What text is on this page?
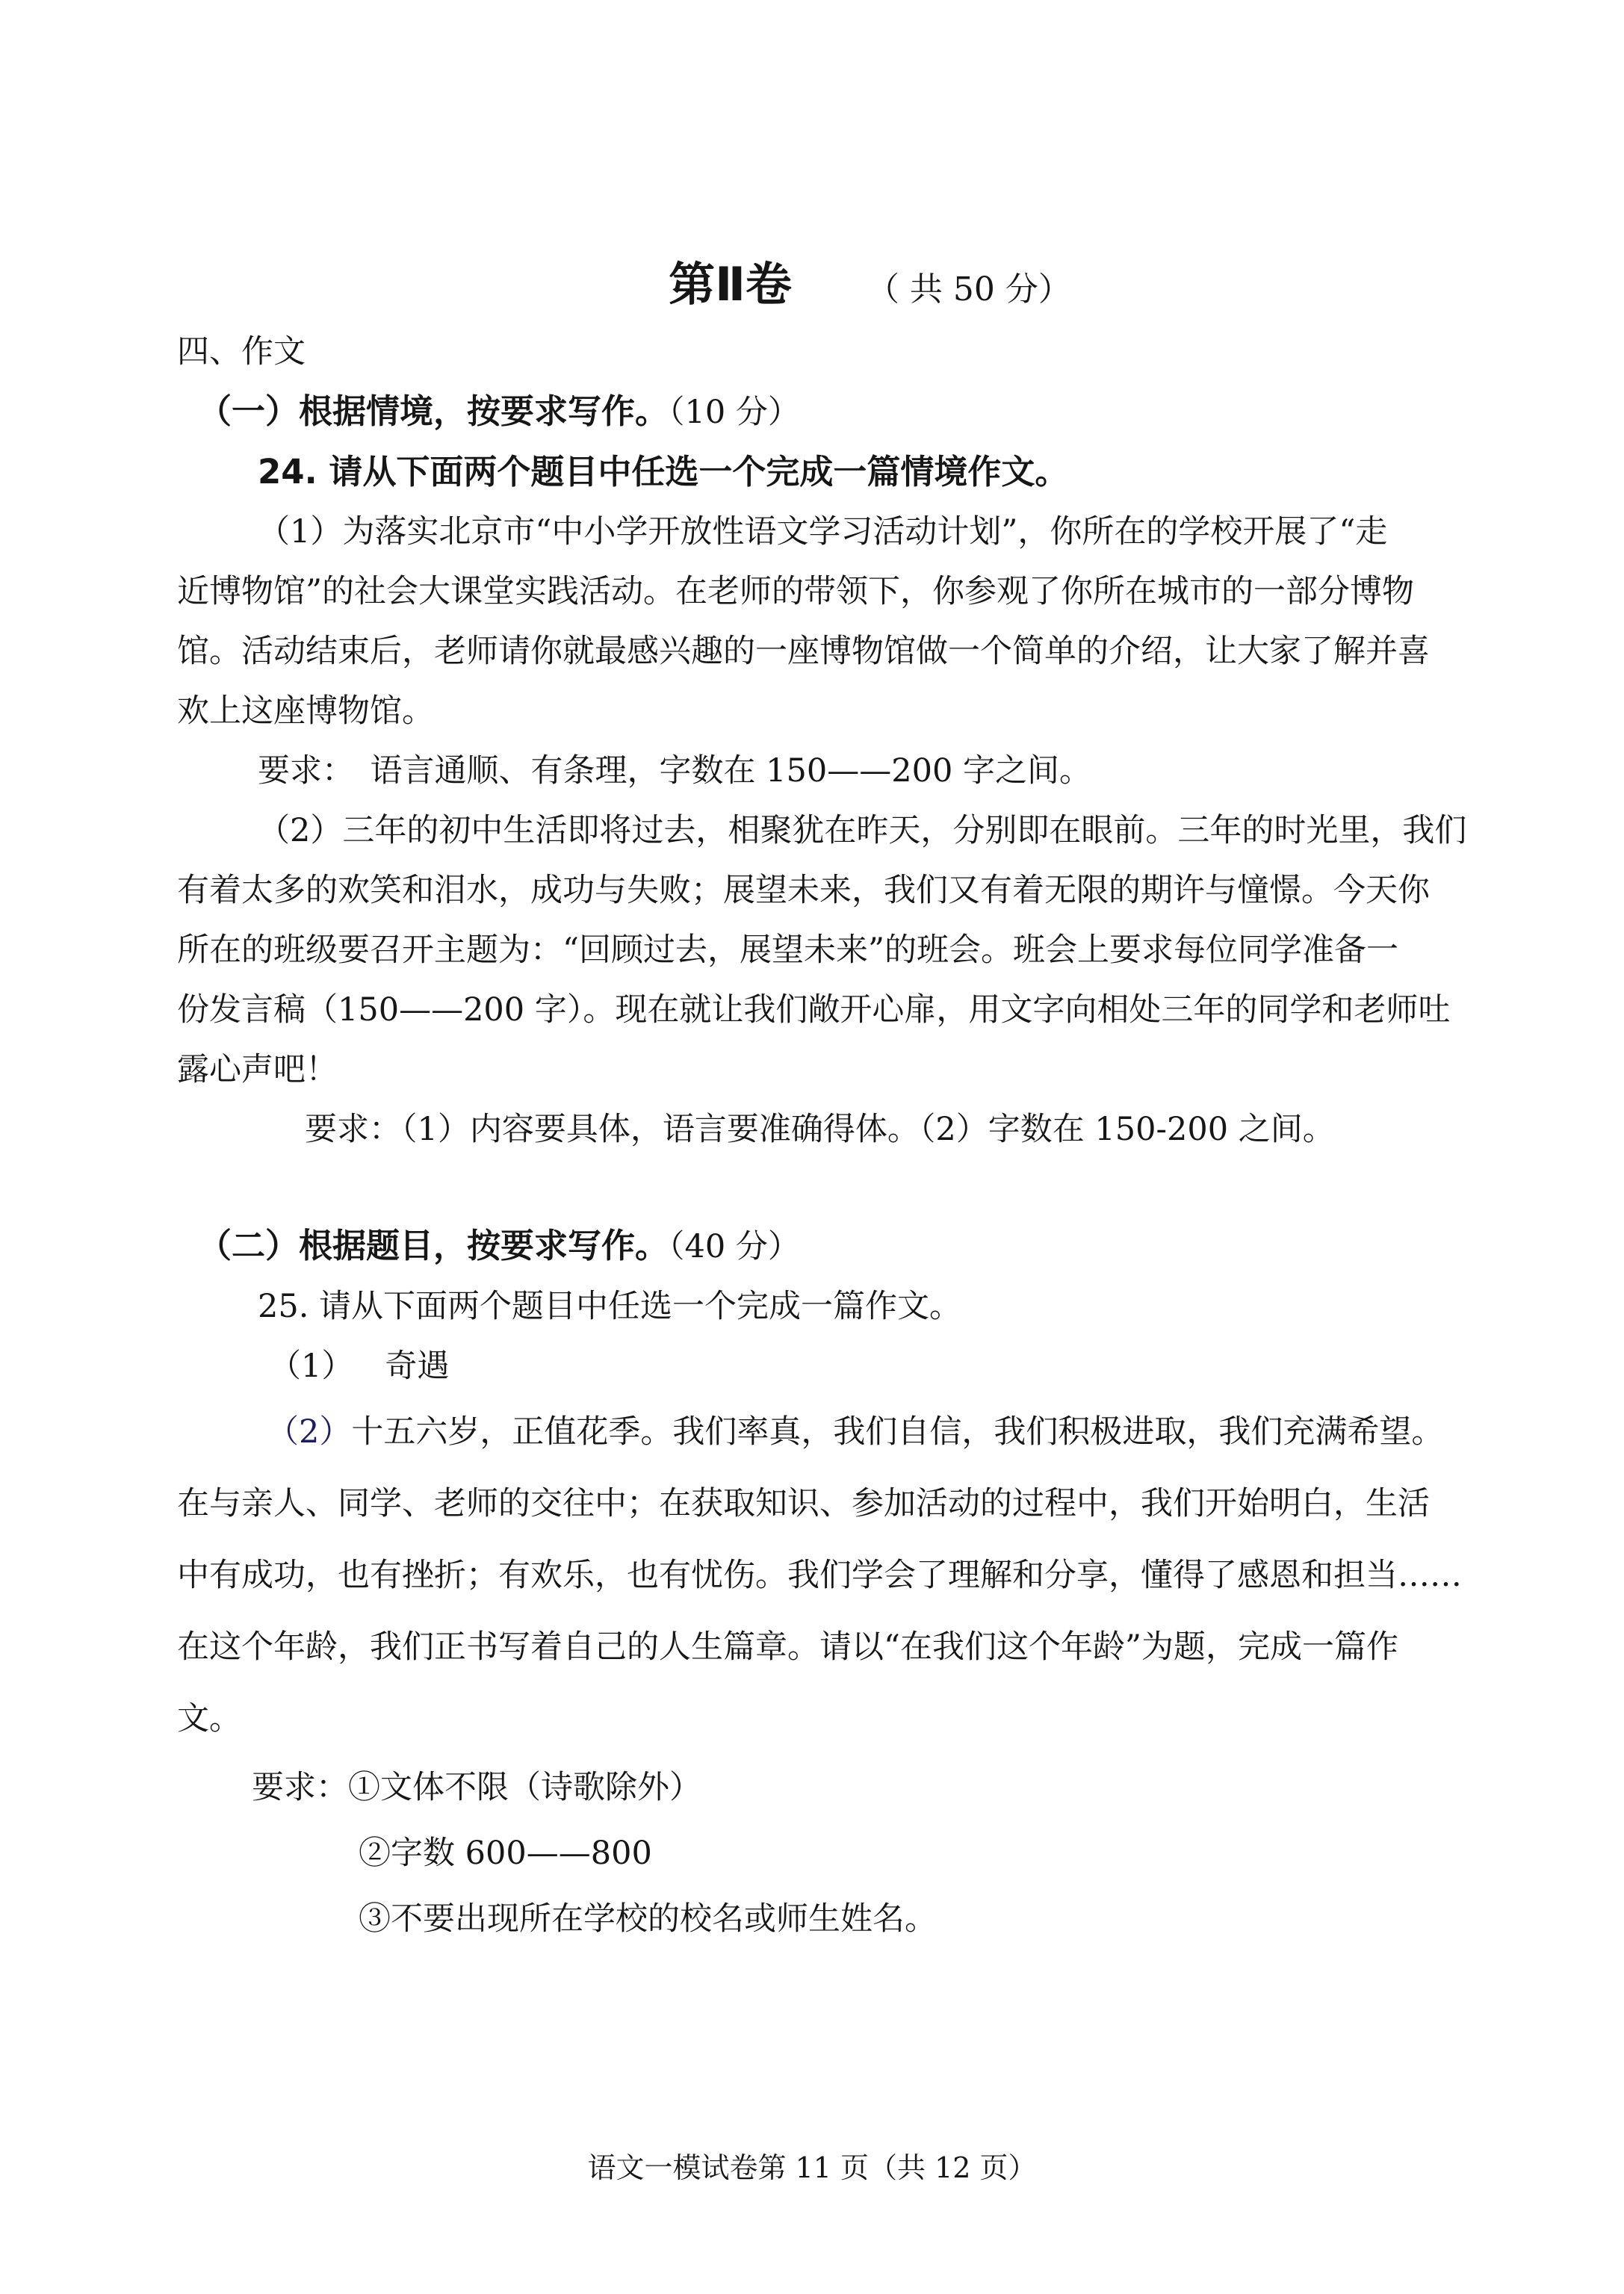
第Ⅱ卷 （ 共 50 分）
四、作文
（一）根据情境，按要求写作。（10 分）
24. 请从下面两个题目中任选一个完成一篇情境作文。
（1）为落实北京市“中小学开放性语文学习活动计划”，你所在的学校开展了“走
近博物馆”的社会大课堂实践活动。在老师的带领下，你参观了你所在城市的一部分博物
馆。活动结束后，老师请你就最感兴趣的一座博物馆做一个简单的介绍，让大家了解并喜
欢上这座博物馆。
要求：　语言通顺、有条理，字数在 150——200 字之间。
（2）三年的初中生活即将过去，相聚犹在昨天，分别即在眼前。三年的时光里，我们
有着太多的欢笑和泪水，成功与失败；展望未来，我们又有着无限的期许与憧憬。今天你
所在的班级要召开主题为：“回顾过去，展望未来”的班会。班会上要求每位同学准备一
份发言稿（150——200 字）。现在就让我们敞开心扉，用文字向相处三年的同学和老师吐
露心声吧！
要求：（1）内容要具体，语言要准确得体。（2）字数在 150-200 之间。
（二）根据题目，按要求写作。（40 分）
25. 请从下面两个题目中任选一个完成一篇作文。
（1） 奇遇
（2）十五六岁，正值花季。我们率真，我们自信，我们积极进取，我们充满希望。
在与亲人、同学、老师的交往中；在获取知识、参加活动的过程中，我们开始明白，生活
中有成功，也有挫折；有欢乐，也有忧伤。我们学会了理解和分享，懂得了感恩和担当……
在这个年龄，我们正书写着自己的人生篇章。请以“在我们这个年龄”为题，完成一篇作
文。
要求：①文体不限（诗歌除外）
②字数 600——800
③不要出现所在学校的校名或师生姓名。
语文一模试卷第 11 页（共 12 页）
